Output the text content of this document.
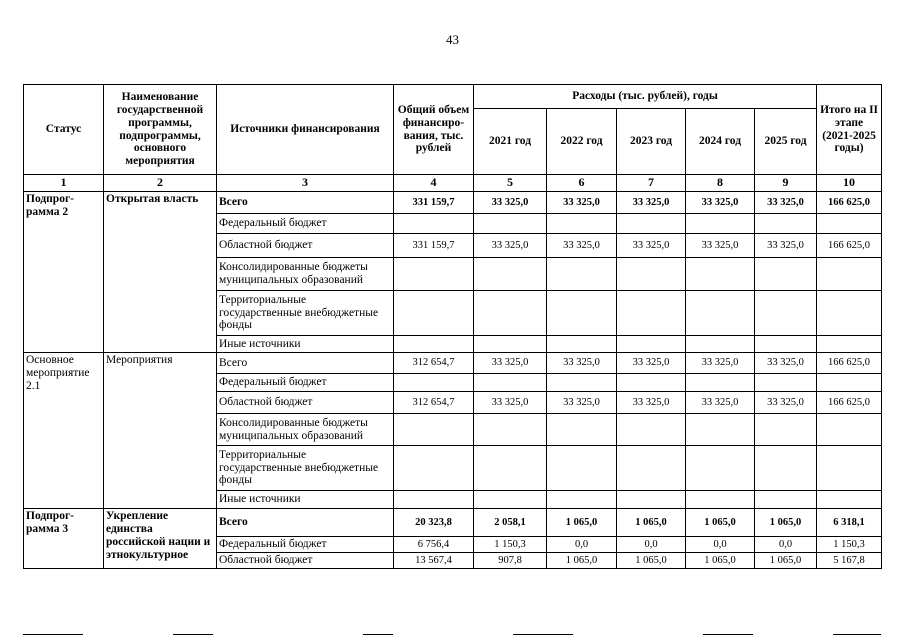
43
Статус	Наименование государственной программы, подпрограммы, основного мероприятия	Источники финансирования	Общий объем финансиро-вания, тыс. рублей	Расходы (тыс. рублей), годы					Итого на II этапе (2021-2025 годы)
				2021 год	2022 год	2023 год	2024 год	2025 год	
1	2	3	4	5	6	7	8	9	10
Подпрог-рамма 2	Открытая власть	Всего	331 159,7	33 325,0	33 325,0	33 325,0	33 325,0	33 325,0	166 625,0
		Федеральный бюджет							
		Областной бюджет	331 159,7	33 325,0	33 325,0	33 325,0	33 325,0	33 325,0	166 625,0
		Консолидированные бюджеты муниципальных образований							
		Территориальные государственные внебюджетные фонды							
		Иные источники							
Основное мероприятие 2.1	Мероприятия	Всего	312 654,7	33 325,0	33 325,0	33 325,0	33 325,0	33 325,0	166 625,0
		Федеральный бюджет							
		Областной бюджет	312 654,7	33 325,0	33 325,0	33 325,0	33 325,0	33 325,0	166 625,0
		Консолидированные бюджеты муниципальных образований							
		Территориальные государственные внебюджетные фонды							
		Иные источники							
Подпрог-рамма 3	Укрепление единства российской нации и этнокультурное	Всего	20 323,8	2 058,1	1 065,0	1 065,0	1 065,0	1 065,0	6 318,1
		Федеральный бюджет	6 756,4	1 150,3	0,0	0,0	0,0	0,0	1 150,3
		Областной бюджет	13 567,4	907,8	1 065,0	1 065,0	1 065,0	1 065,0	5 167,8
